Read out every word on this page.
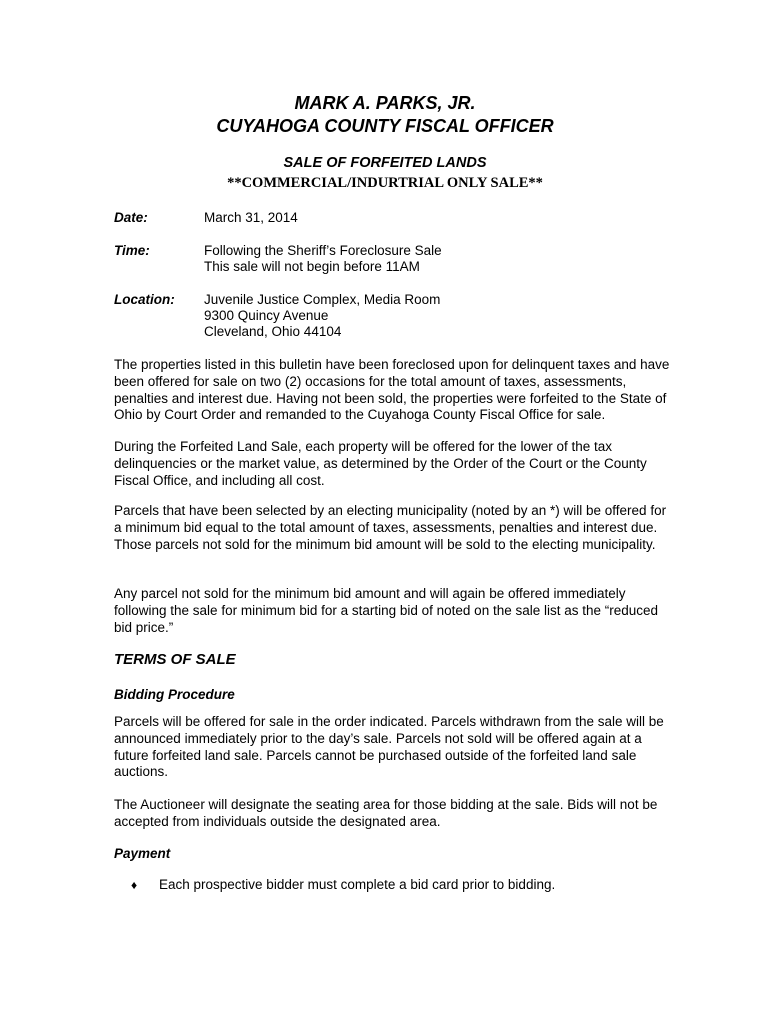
MARK A. PARKS, JR.
CUYAHOGA COUNTY FISCAL OFFICER
SALE OF FORFEITED LANDS
**COMMERCIAL/INDURTRIAL ONLY SALE**
Date:	March 31, 2014
Time:	Following the Sheriff’s Foreclosure Sale
This sale will not begin before 11AM
Location: Juvenile Justice Complex, Media Room
9300 Quincy Avenue
Cleveland, Ohio 44104

The properties listed in this bulletin have been foreclosed upon for delinquent taxes and have been offered for sale on two (2) occasions for the total amount of taxes, assessments, penalties and interest due. Having not been sold, the properties were forfeited to the State of Ohio by Court Order and remanded to the Cuyahoga County Fiscal Office for sale.

During the Forfeited Land Sale, each property will be offered for the lower of the tax delinquencies or the market value, as determined by the Order of the Court or the County Fiscal Office, and including all cost.

Parcels that have been selected by an electing municipality (noted by an *) will be offered for a minimum bid equal to the total amount of taxes, assessments, penalties and interest due. Those parcels not sold for the minimum bid amount will be sold to the electing municipality.

Any parcel not sold for the minimum bid amount and will again be offered immediately following the sale for minimum bid for a starting bid of noted on the sale list as the “reduced bid price.”

TERMS OF SALE
Bidding Procedure

Parcels will be offered for sale in the order indicated. Parcels withdrawn from the sale will be announced immediately prior to the day’s sale. Parcels not sold will be offered again at a future forfeited land sale. Parcels cannot be purchased outside of the forfeited land sale auctions.

The Auctioneer will designate the seating area for those bidding at the sale. Bids will not be accepted from individuals outside the designated area.

Payment
♦ Each prospective bidder must complete a bid card prior to bidding.
